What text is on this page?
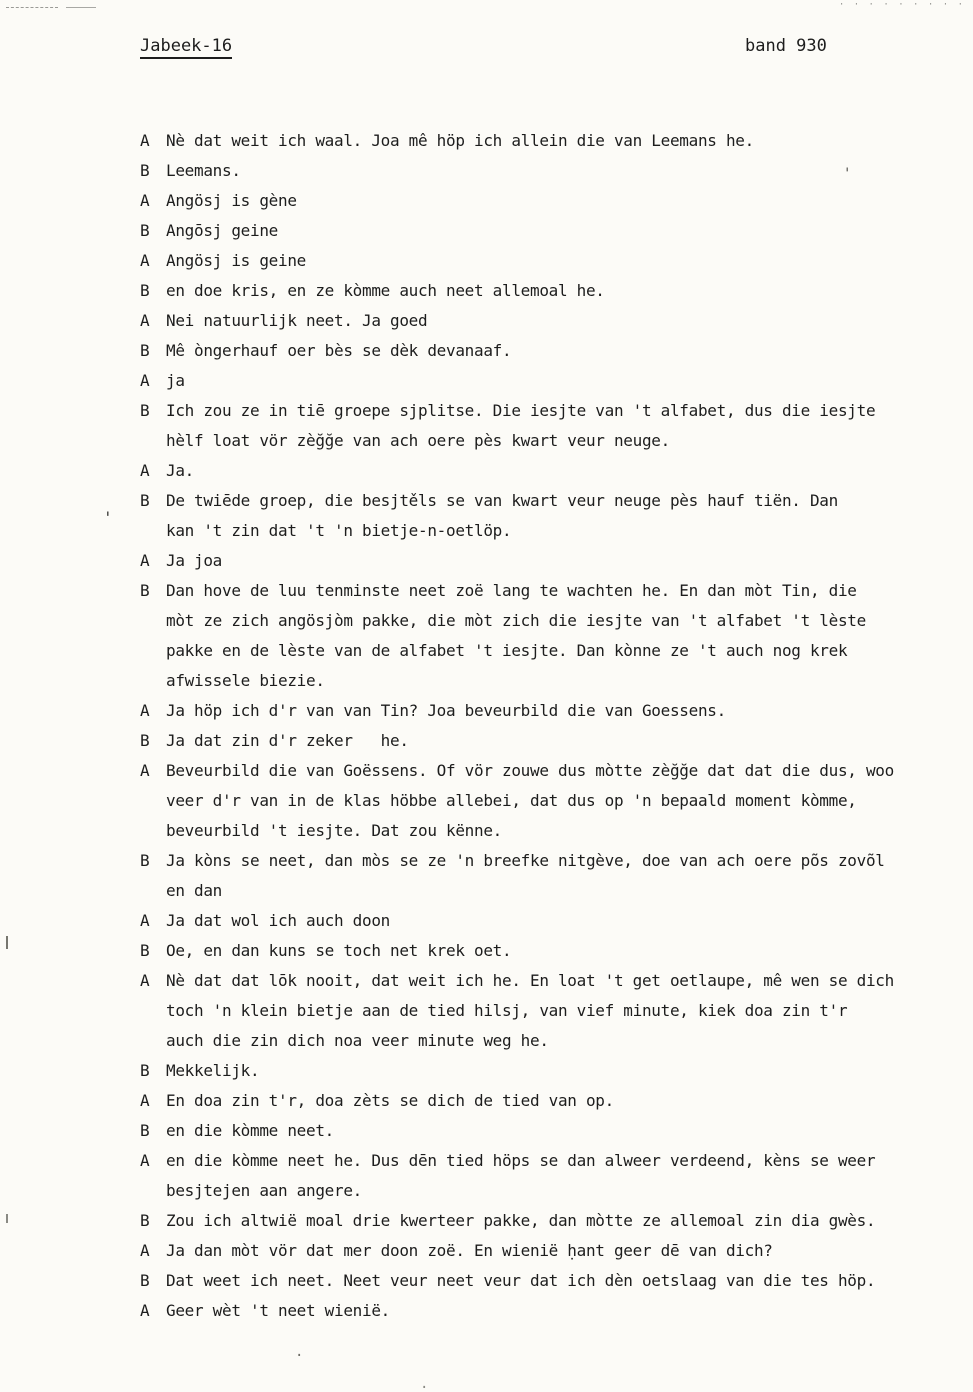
· · · · · · · · ·
'
'
.
.
Jabeek-16	band 930
A	Nè dat weit ich waal. Joa mê höp ich allein die van Leemans he.
B	Leemans.
A	Angösj is gène
B	Angōsj geine
A	Angösj is geine
B	en doe kris, en ze kòmme auch neet allemoal he.
A	Nei natuurlijk neet. Ja goed
B	Mê òngerhauf oer bès se dèk devanaaf.
A	ja
B	Ich zou ze in tiē groepe sjplitse. Die iesjte van 't alfabet, dus die iesjte
hèlf loat vör zèğğe van ach oere pès kwart veur neuge.
A	Ja.
B	De twiēde groep, die besjtěls se van kwart veur neuge pès hauf tiën. Dan
kan 't zin dat 't 'n bietje-n-oetlöp.
A	Ja joa
B	Dan hove de luu tenminste neet zoë lang te wachten he. En dan mòt Tin, die
mòt ze zich angösjòm pakke, die mòt zich die iesjte van 't alfabet 't lèste
pakke en de lèste van de alfabet 't iesjte. Dan kònne ze 't auch nog krek
afwissele biezie.
A	Ja höp ich d'r van van Tin? Joa beveurbild die van Goessens.
B	Ja dat zin d'r zeker   he.
A	Beveurbild die van Goëssens. Of vör zouwe dus mòtte zèğğe dat dat die dus, woo
veer d'r van in de klas höbbe allebei, dat dus op 'n bepaald moment kòmme,
beveurbild 't iesjte. Dat zou kënne.
B	Ja kòns se neet, dan mòs se ze 'n breefke nitgève, doe van ach oere põs zovõl
en dan
A	Ja dat wol ich auch doon
B	Oe, en dan kuns se toch net krek oet.
A	Nè dat dat lōk nooit, dat weit ich he. En loat 't get oetlaupe, mê wen se dich
toch 'n klein bietje aan de tied hilsj, van vief minute, kiek doa zin t'r
auch die zin dich noa veer minute weg he.
B	Mekkelijk.
A	En doa zin t'r, doa zèts se dich de tied van op.
B	en die kòmme neet.
A	en die kòmme neet he. Dus dēn tied höps se dan alweer verdeend, kèns se weer
besjtejen aan angere.
B	Zou ich altwië moal drie kwerteer pakke, dan mòtte ze allemoal zin dia gwès.
A	Ja dan mòt vör dat mer doon zoë. En wienië ḥant geer dē van dich?
B	Dat weet ich neet. Neet veur neet veur dat ich dèn oetslaag van die tes höp.
A	Geer wèt 't neet wienië.
